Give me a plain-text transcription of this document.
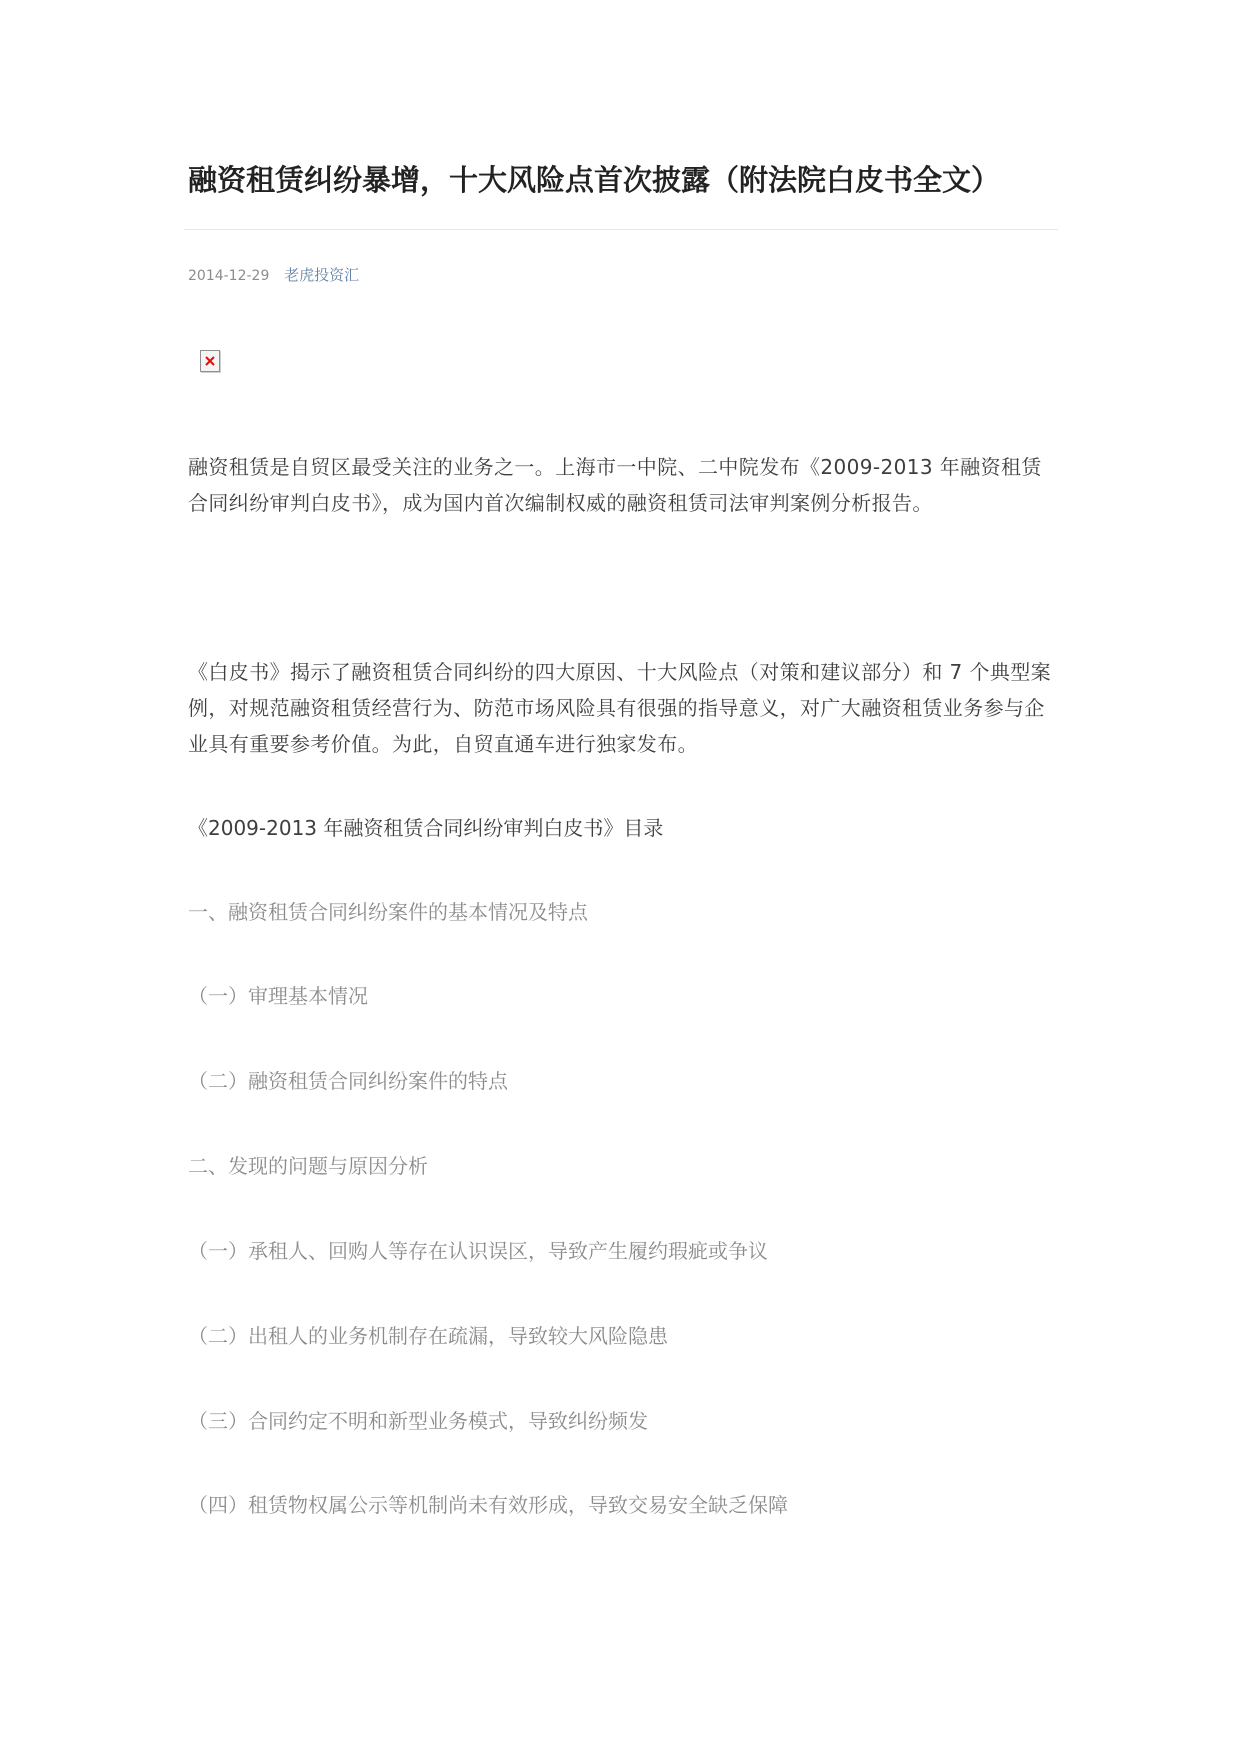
融资租赁纠纷暴增，十大风险点首次披露（附法院白皮书全文）
2014-12-29 老虎投资汇

融资租赁是自贸区最受关注的业务之一。上海市一中院、二中院发布《2009-2013 年融资租赁合同纠纷审判白皮书》，成为国内首次编制权威的融资租赁司法审判案例分析报告。

《白皮书》揭示了融资租赁合同纠纷的四大原因、十大风险点（对策和建议部分）和 7 个典型案例，对规范融资租赁经营行为、防范市场风险具有很强的指导意义，对广大融资租赁业务参与企业具有重要参考价值。为此，自贸直通车进行独家发布。

《2009-2013 年融资租赁合同纠纷审判白皮书》目录

一、融资租赁合同纠纷案件的基本情况及特点

（一）审理基本情况

（二）融资租赁合同纠纷案件的特点

二、发现的问题与原因分析

（一）承租人、回购人等存在认识误区，导致产生履约瑕疵或争议

（二）出租人的业务机制存在疏漏，导致较大风险隐患

（三）合同约定不明和新型业务模式，导致纠纷频发

（四）租赁物权属公示等机制尚未有效形成，导致交易安全缺乏保障
